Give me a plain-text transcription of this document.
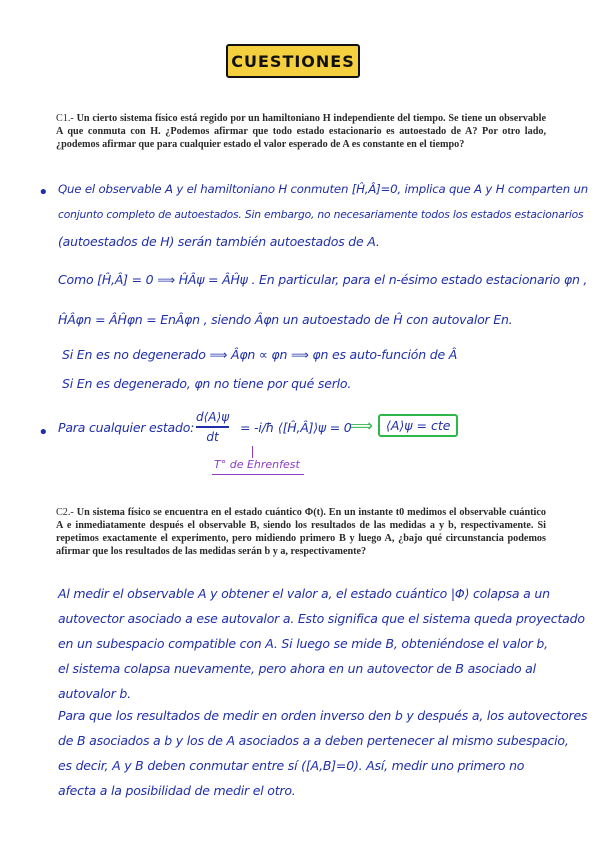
CUESTIONES
C1.- Un cierto sistema físico está regido por un hamiltoniano H independiente del tiempo. Se tiene un observable A que conmuta con H. ¿Podemos afirmar que todo estado estacionario es autoestado de A? Por otro lado, ¿podemos afirmar que para cualquier estado el valor esperado de A es constante en el tiempo?
• Que el observable A y el hamiltoniano H conmuten [Ĥ,Â]=0, implica que A y H comparten un
conjunto completo de autoestados. Sin embargo, no necesariamente todos los estados estacionarios
(autoestados de H) serán también autoestados de A.
Como [Ĥ,Â] = 0 ⟹ ĤÂψ = ÂĤψ . En particular, para el n-ésimo estado estacionario φn ,
ĤÂφn = ÂĤφn = EnÂφn , siendo Âφn un autoestado de Ĥ con autovalor En.
Si En es no degenerado ⟹ Âφn ∝ φn ⟹ φn es auto-función de Â
Si En es degenerado, φn no tiene por qué serlo.
• Para cualquier estado:
d⟨A⟩ψ
dt
= -i/ħ ⟨[Ĥ,Â]⟩ψ = 0
⟹	⟨A⟩ψ = cte
T° de Ehrenfest
C2.- Un sistema físico se encuentra en el estado cuántico Φ(t). En un instante t0 medimos el observable cuántico A e inmediatamente después el observable B, siendo los resultados de las medidas a y b, respectivamente. Si repetimos exactamente el experimento, pero midiendo primero B y luego A, ¿bajo qué circunstancia podemos afirmar que los resultados de las medidas serán b y a, respectivamente?
Al medir el observable A y obtener el valor a, el estado cuántico |Φ⟩ colapsa a un
autovector asociado a ese autovalor a. Esto significa que el sistema queda proyectado
en un subespacio compatible con A. Si luego se mide B, obteniéndose el valor b,
el sistema colapsa nuevamente, pero ahora en un autovector de B asociado al
autovalor b.
Para que los resultados de medir en orden inverso den b y después a, los autovectores
de B asociados a b y los de A asociados a a deben pertenecer al mismo subespacio,
es decir, A y B deben conmutar entre sí ([A,B]=0). Así, medir uno primero no
afecta a la posibilidad de medir el otro.
